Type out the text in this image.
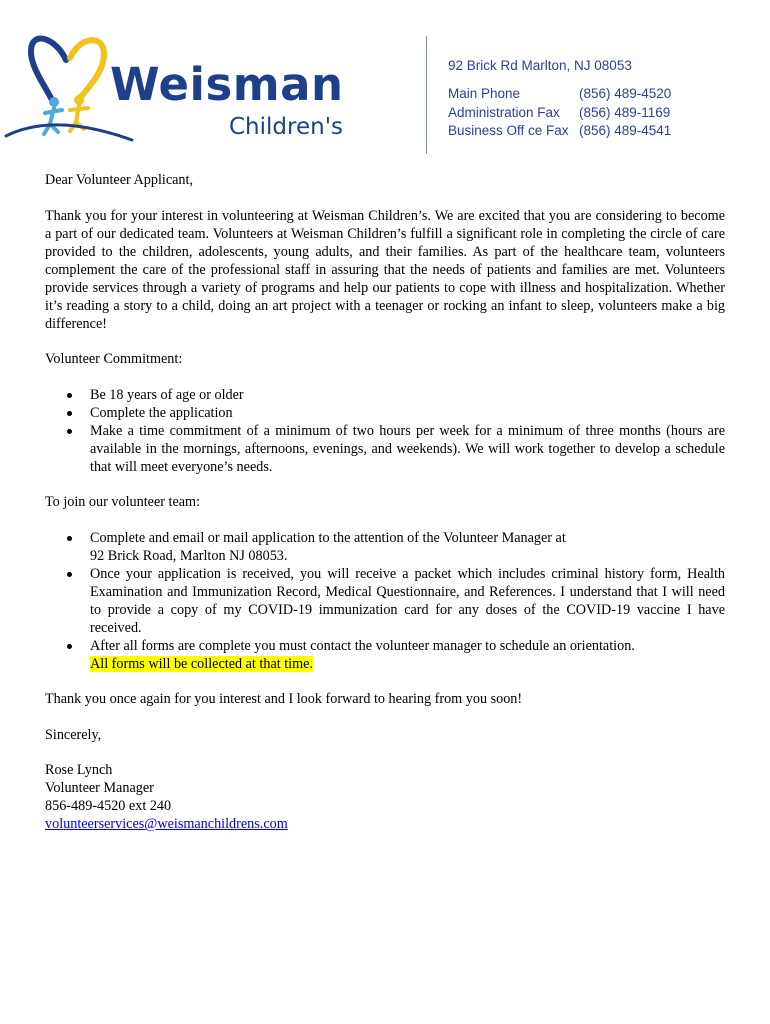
Weisman

Children's

92 Brick Rd Marlton, NJ 08053

Main Phone	(856) 489-4520
Administration Fax	(856) 489-1169
Business Off ce Fax (856) 489-4541

Dear Volunteer Applicant,

Thank you for your interest in volunteering at Weisman Children’s. We are excited that you are considering to become a part of our dedicated team. Volunteers at Weisman Children’s fulfill a significant role in completing the circle of care provided to the children, adolescents, young adults, and their families. As part of the healthcare team, volunteers complement the care of the professional staff in assuring that the needs of patients and families are met. Volunteers provide services through a variety of programs and help our patients to cope with illness and hospitalization. Whether it’s reading a story to a child, doing an art project with a teenager or rocking an infant to sleep, volunteers make a big difference!

Volunteer Commitment:

Be 18 years of age or older
Complete the application
Make a time commitment of a minimum of two hours per week for a minimum of three months (hours are available in the mornings, afternoons, evenings, and weekends). We will work together to develop a schedule that will meet everyone’s needs.

To join our volunteer team:

Complete and email or mail application to the attention of the Volunteer Manager at
92 Brick Road, Marlton NJ 08053.
Once your application is received, you will receive a packet which includes criminal history form, Health Examination and Immunization Record, Medical Questionnaire, and References. I understand that I will need to provide a copy of my COVID-19 immunization card for any doses of the COVID-19 vaccine I have received.
After all forms are complete you must contact the volunteer manager to schedule an orientation.
All forms will be collected at that time.

Thank you once again for you interest and I look forward to hearing from you soon!

Sincerely,

Rose Lynch

Volunteer Manager

856-489-4520 ext 240

volunteerservices@weismanchildrens.com
